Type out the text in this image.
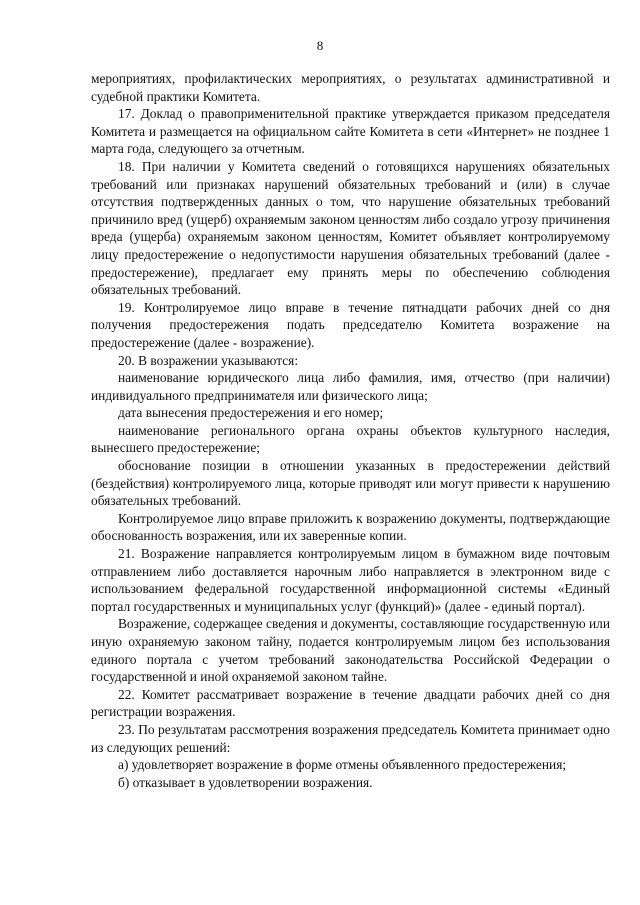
8

мероприятиях, профилактических мероприятиях, о результатах административной и судебной практики Комитета.

17. Доклад о правоприменительной практике утверждается приказом председателя Комитета и размещается на официальном сайте Комитета в сети «Интернет» не позднее 1 марта года, следующего за отчетным.

18. При наличии у Комитета сведений о готовящихся нарушениях обязательных требований или признаках нарушений обязательных требований и (или) в случае отсутствия подтвержденных данных о том, что нарушение обязательных требований причинило вред (ущерб) охраняемым законом ценностям либо создало угрозу причинения вреда (ущерба) охраняемым законом ценностям, Комитет объявляет контролируемому лицу предостережение о недопустимости нарушения обязательных требований (далее - предостережение), предлагает ему принять меры по обеспечению соблюдения обязательных требований.

19. Контролируемое лицо вправе в течение пятнадцати рабочих дней со дня получения предостережения подать председателю Комитета возражение на предостережение (далее - возражение).

20. В возражении указываются:

наименование юридического лица либо фамилия, имя, отчество (при наличии) индивидуального предпринимателя или физического лица;

дата вынесения предостережения и его номер;

наименование регионального органа охраны объектов культурного наследия, вынесшего предостережение;

обоснование позиции в отношении указанных в предостережении действий (бездействия) контролируемого лица, которые приводят или могут привести к нарушению обязательных требований.

Контролируемое лицо вправе приложить к возражению документы, подтверждающие обоснованность возражения, или их заверенные копии.

21. Возражение направляется контролируемым лицом в бумажном виде почтовым отправлением либо доставляется нарочным либо направляется в электронном виде с использованием федеральной государственной информационной системы «Единый портал государственных и муниципальных услуг (функций)» (далее - единый портал).

Возражение, содержащее сведения и документы, составляющие государственную или иную охраняемую законом тайну, подается контролируемым лицом без использования единого портала с учетом требований законодательства Российской Федерации о государственной и иной охраняемой законом тайне.

22. Комитет рассматривает возражение в течение двадцати рабочих дней со дня регистрации возражения.

23. По результатам рассмотрения возражения председатель Комитета принимает одно из следующих решений:

а) удовлетворяет возражение в форме отмены объявленного предостережения;

б) отказывает в удовлетворении возражения.
